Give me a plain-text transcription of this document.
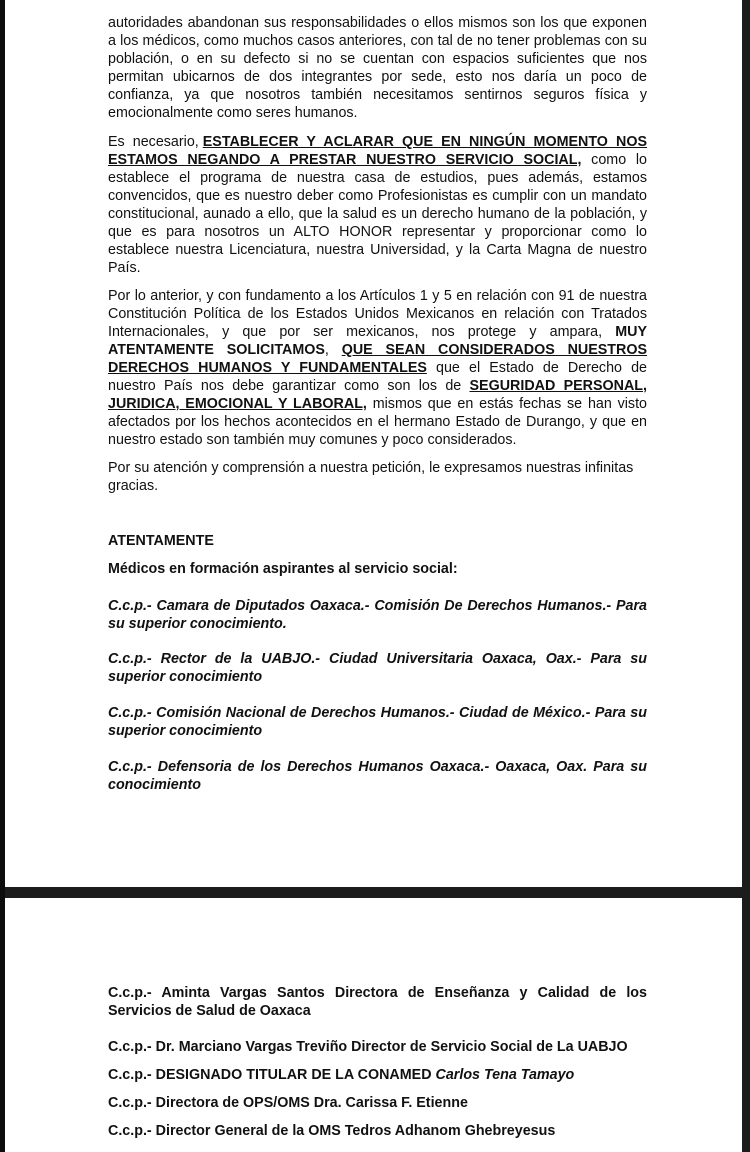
autoridades abandonan sus responsabilidades o ellos mismos son los que exponen a los médicos, como muchos casos anteriores, con tal de no tener problemas con su población, o en su defecto si no se cuentan con espacios suficientes que nos permitan ubicarnos de dos integrantes por sede, esto nos daría un poco de confianza, ya que nosotros también necesitamos sentirnos seguros física y emocionalmente como seres humanos.

Es necesario, ESTABLECER Y ACLARAR QUE EN NINGÚN MOMENTO NOS ESTAMOS NEGANDO A PRESTAR NUESTRO SERVICIO SOCIAL, como lo establece el programa de nuestra casa de estudios, pues además, estamos convencidos, que es nuestro deber como Profesionistas es cumplir con un mandato constitucional, aunado a ello, que la salud es un derecho humano de la población, y que es para nosotros un ALTO HONOR representar y proporcionar como lo establece nuestra Licenciatura, nuestra Universidad, y la Carta Magna de nuestro País.

Por lo anterior, y con fundamento a los Artículos 1 y 5 en relación con 91 de nuestra Constitución Política de los Estados Unidos Mexicanos en relación con Tratados Internacionales, y que por ser mexicanos, nos protege y ampara, MUY ATENTAMENTE SOLICITAMOS, QUE SEAN CONSIDERADOS NUESTROS DERECHOS HUMANOS Y FUNDAMENTALES que el Estado de Derecho de nuestro País nos debe garantizar como son los de SEGURIDAD PERSONAL, JURIDICA, EMOCIONAL Y LABORAL, mismos que en estás fechas se han visto afectados por los hechos acontecidos en el hermano Estado de Durango, y que en nuestro estado son también muy comunes y poco considerados.

Por su atención y comprensión a nuestra petición, le expresamos nuestras infinitas gracias.

ATENTAMENTE

Médicos en formación aspirantes al servicio social:

C.c.p.- Camara de Diputados Oaxaca.- Comisión De Derechos Humanos.- Para su superior conocimiento.

C.c.p.- Rector de la UABJO.- Ciudad Universitaria Oaxaca, Oax.- Para su superior conocimiento

C.c.p.- Comisión Nacional de Derechos Humanos.- Ciudad de México.- Para su superior conocimiento

C.c.p.- Defensoria de los Derechos Humanos Oaxaca.- Oaxaca, Oax. Para su conocimiento

C.c.p.- Aminta Vargas Santos Directora de Enseñanza y Calidad de los Servicios de Salud de Oaxaca

C.c.p.- Dr. Marciano Vargas Treviño Director de Servicio Social de La UABJO

C.c.p.- DESIGNADO TITULAR DE LA CONAMED Carlos Tena Tamayo

C.c.p.- Directora de OPS/OMS Dra. Carissa F. Etienne

C.c.p.- Director General de la OMS Tedros Adhanom Ghebreyesus
